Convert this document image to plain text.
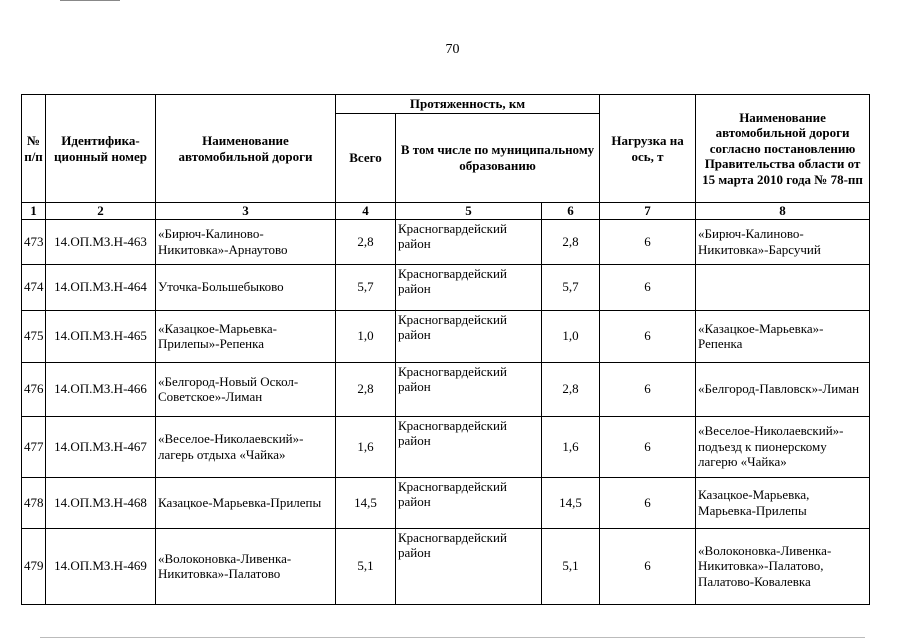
70
№ п/п	Идентифика-ционный номер	Наименование автомобильной дороги	Протяженность, км			Нагрузка на ось, т	Наименование автомобильной дороги согласно постановлению Правительства области от 15 марта 2010 года № 78-пп
			Всего	В том числе по муниципальному образованию			
1	2	3	4	5	6	7	8
473	14.ОП.МЗ.Н-463	«Бирюч-Калиново-Никитовка»-Арнаутово	2,8	Красногвардейский район	2,8	6	«Бирюч-Калиново-Никитовка»-Барсучий
474	14.ОП.МЗ.Н-464	Уточка-Большебыково	5,7	Красногвардейский район	5,7	6	
475	14.ОП.МЗ.Н-465	«Казацкое-Марьевка-Прилепы»-Репенка	1,0	Красногвардейский район	1,0	6	«Казацкое-Марьевка»-Репенка
476	14.ОП.МЗ.Н-466	«Белгород-Новый Оскол-Советское»-Лиман	2,8	Красногвардейский район	2,8	6	«Белгород-Павловск»-Лиман
477	14.ОП.МЗ.Н-467	«Веселое-Николаевский»-лагерь отдыха «Чайка»	1,6	Красногвардейский район	1,6	6	«Веселое-Николаевский»-подъезд к пионерскому лагерю «Чайка»
478	14.ОП.МЗ.Н-468	Казацкое-Марьевка-Прилепы	14,5	Красногвардейский район	14,5	6	Казацкое-Марьевка, Марьевка-Прилепы
479	14.ОП.МЗ.Н-469	«Волоконовка-Ливенка-Никитовка»-Палатово	5,1	Красногвардейский район	5,1	6	«Волоконовка-Ливенка-Никитовка»-Палатово, Палатово-Ковалевка
